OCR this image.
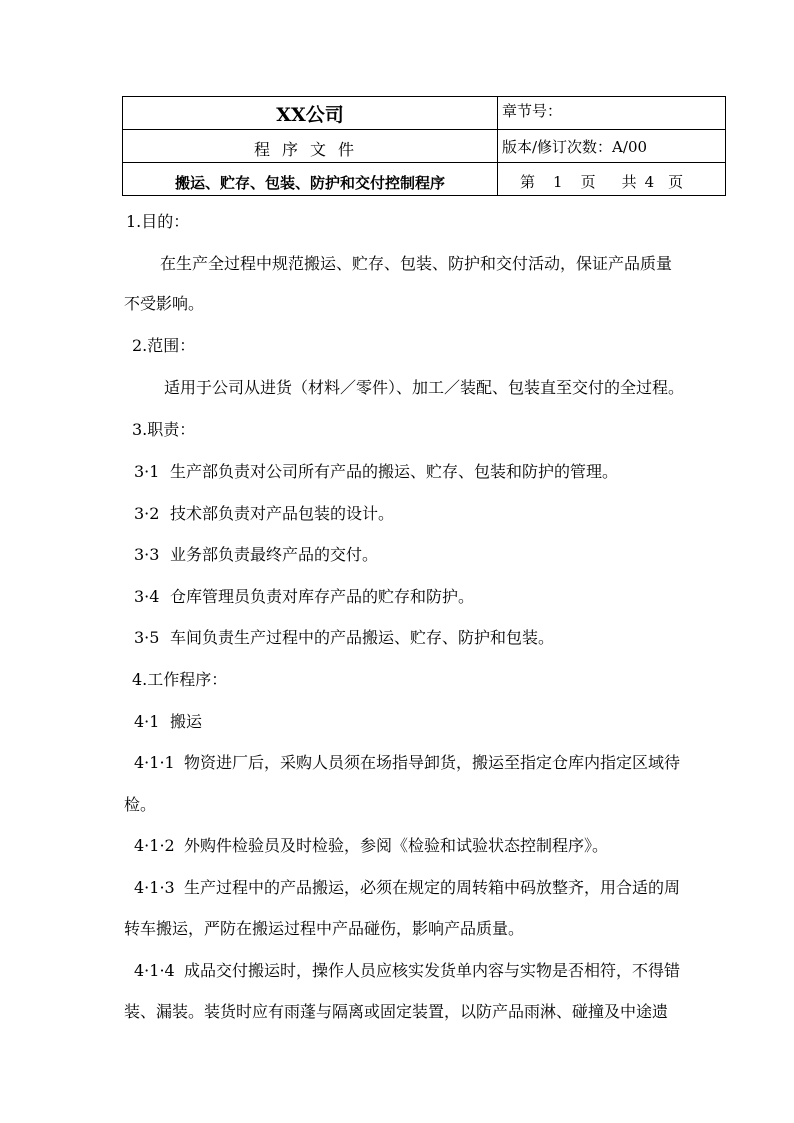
XX公司	章节号：
程序文件	版本/修订次数：A/00
搬运、贮存、包装、防护和交付控制程序	第 1 页 共 4 页
1.目的：
在生产全过程中规范搬运、贮存、包装、防护和交付活动，保证产品质量
不受影响。
2.范围：
适用于公司从进货（材料／零件）、加工／装配、包装直至交付的全过程。
3.职责：
3·1 生产部负责对公司所有产品的搬运、贮存、包装和防护的管理。
3·2 技术部负责对产品包装的设计。
3·3 业务部负责最终产品的交付。
3·4 仓库管理员负责对库存产品的贮存和防护。
3·5 车间负责生产过程中的产品搬运、贮存、防护和包装。
4.工作程序：
4·1 搬运
4·1·1 物资进厂后，采购人员须在场指导卸货，搬运至指定仓库内指定区域待
检。
4·1·2 外购件检验员及时检验，参阅《检验和试验状态控制程序》。
4·1·3 生产过程中的产品搬运，必须在规定的周转箱中码放整齐，用合适的周
转车搬运，严防在搬运过程中产品碰伤，影响产品质量。
4·1·4 成品交付搬运时，操作人员应核实发货单内容与实物是否相符，不得错
装、漏装。装货时应有雨蓬与隔离或固定装置，以防产品雨淋、碰撞及中途遗
